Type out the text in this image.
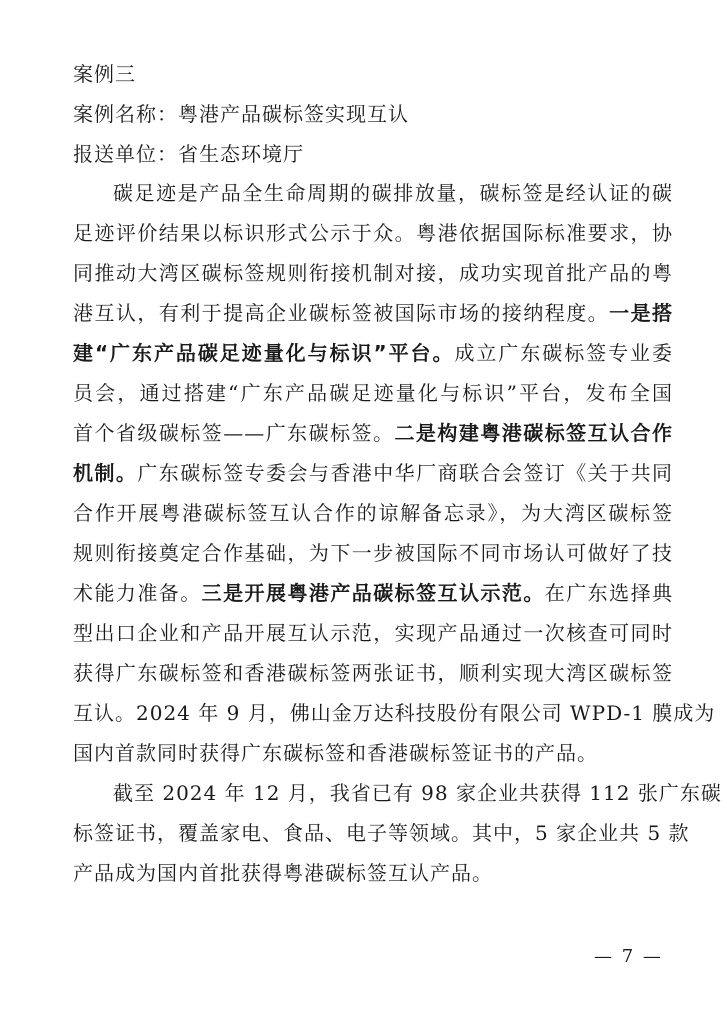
案例三
案例名称：粤港产品碳标签实现互认
报送单位：省生态环境厅
碳足迹是产品全生命周期的碳排放量，碳标签是经认证的碳
足迹评价结果以标识形式公示于众。粤港依据国际标准要求，协
同推动大湾区碳标签规则衔接机制对接，成功实现首批产品的粤
港互认，有利于提高企业碳标签被国际市场的接纳程度。一是搭
建“广东产品碳足迹量化与标识”平台。成立广东碳标签专业委
员会，通过搭建“广东产品碳足迹量化与标识”平台，发布全国
首个省级碳标签——广东碳标签。二是构建粤港碳标签互认合作
机制。广东碳标签专委会与香港中华厂商联合会签订《关于共同
合作开展粤港碳标签互认合作的谅解备忘录》，为大湾区碳标签
规则衔接奠定合作基础，为下一步被国际不同市场认可做好了技
术能力准备。三是开展粤港产品碳标签互认示范。在广东选择典
型出口企业和产品开展互认示范，实现产品通过一次核查可同时
获得广东碳标签和香港碳标签两张证书，顺利实现大湾区碳标签
互认。2024 年 9 月，佛山金万达科技股份有限公司 WPD-1 膜成为
国内首款同时获得广东碳标签和香港碳标签证书的产品。
截至 2024 年 12 月，我省已有 98 家企业共获得 112 张广东碳
标签证书，覆盖家电、食品、电子等领域。其中，5 家企业共 5 款
产品成为国内首批获得粤港碳标签互认产品。
— 7 —
